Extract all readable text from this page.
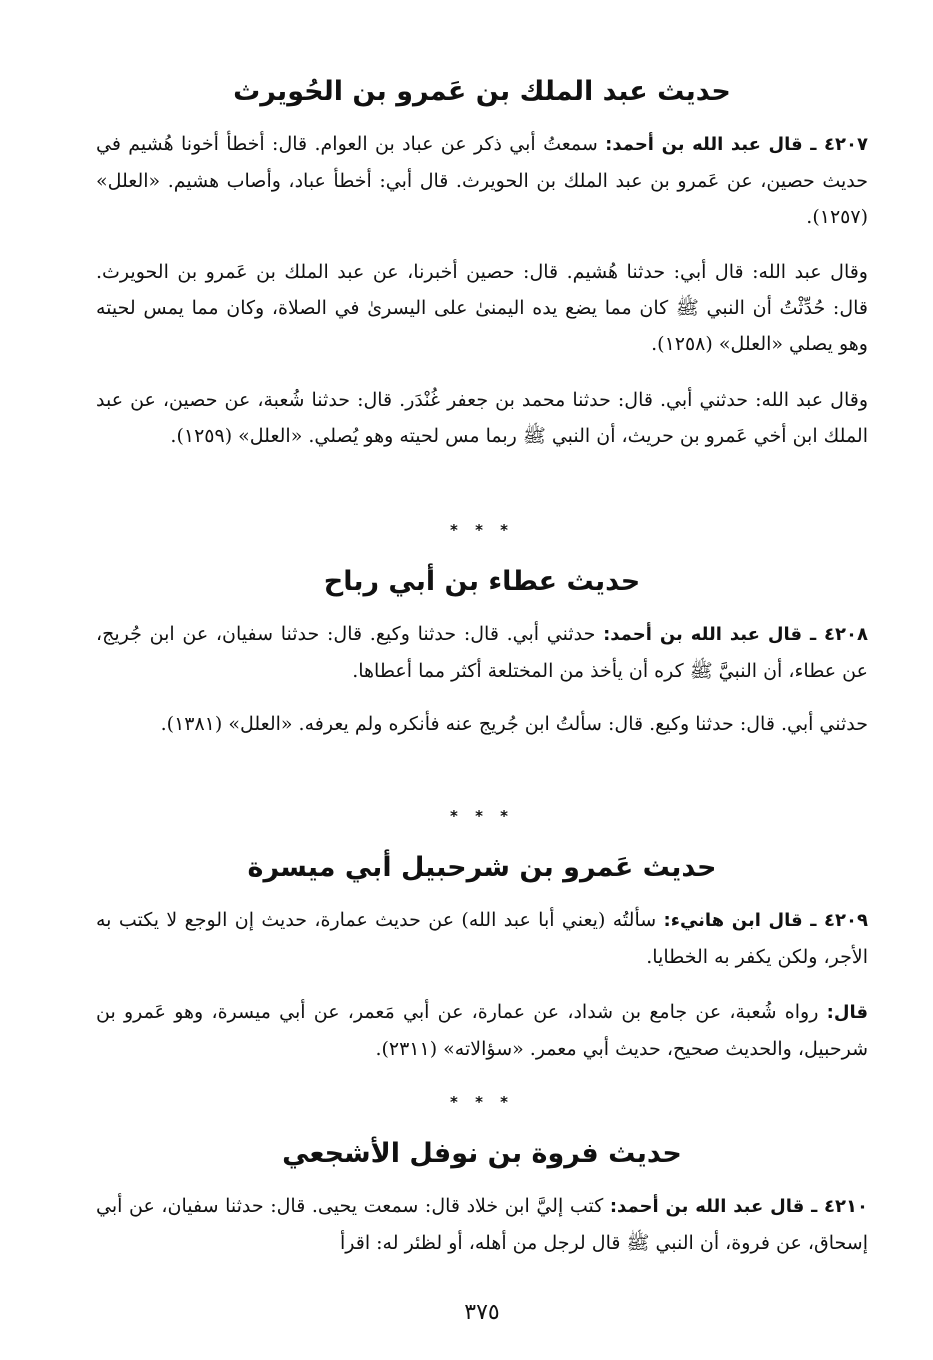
حديث عبد الملك بن عَمرو بن الحُويرث
٤٢٠٧ ـ قال عبد الله بن أحمد: سمعتُ أبي ذكر عن عباد بن العوام. قال: أخطأ أخونا هُشيم في حديث حصين، عن عَمرو بن عبد الملك بن الحويرث. قال أبي: أخطأ عباد، وأصاب هشيم. «العلل» (١٢٥٧).
وقال عبد الله: قال أبي: حدثنا هُشيم. قال: حصين أخبرنا، عن عبد الملك بن عَمرو بن الحويرث. قال: حُدِّثْتُ أن النبي ﷺ كان مما يضع يده اليمنىٰ على اليسرىٰ في الصلاة، وكان مما يمس لحيته وهو يصلي «العلل» (١٢٥٨).
وقال عبد الله: حدثني أبي. قال: حدثنا محمد بن جعفر غُنْدَر. قال: حدثنا شُعبة، عن حصين، عن عبد الملك ابن أخي عَمرو بن حريث، أن النبي ﷺ ربما مس لحيته وهو يُصلي. «العلل» (١٢٥٩).
* * *
حديث عطاء بن أبي رباح
٤٢٠٨ ـ قال عبد الله بن أحمد: حدثني أبي. قال: حدثنا وكيع. قال: حدثنا سفيان، عن ابن جُريج، عن عطاء، أن النبيَّ ﷺ كره أن يأخذ من المختلعة أكثر مما أعطاها.
حدثني أبي. قال: حدثنا وكيع. قال: سألتُ ابن جُريج عنه فأنكره ولم يعرفه. «العلل» (١٣٨١).
* * *
حديث عَمرو بن شرحبيل أبي ميسرة
٤٢٠٩ ـ قال ابن هانيء: سألتُه (يعني أبا عبد الله) عن حديث عمارة، حديث إن الوجع لا يكتب به الأجر، ولكن يكفر به الخطايا.
قال: رواه شُعبة، عن جامع بن شداد، عن عمارة، عن أبي مَعمر، عن أبي ميسرة، وهو عَمرو بن شرحبيل، والحديث صحيح، حديث أبي معمر. «سؤالاته» (٢٣١١).
* * *
حديث فروة بن نوفل الأشجعي
٤٢١٠ ـ قال عبد الله بن أحمد: كتب إليَّ ابن خلاد قال: سمعت يحيى. قال: حدثنا سفيان، عن أبي إسحاق، عن فروة، أن النبي ﷺ قال لرجل من أهله، أو لظئر له: اقرأ
٣٧٥
